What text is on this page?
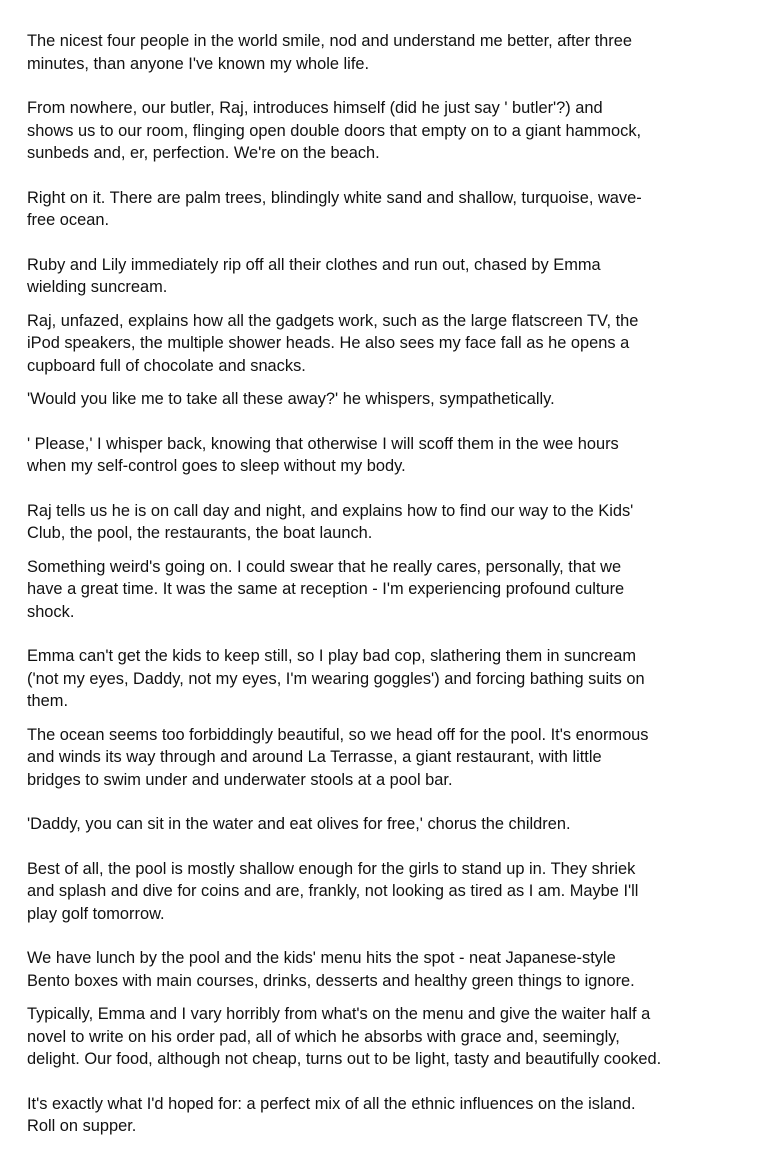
The nicest four people in the world smile, nod and understand me better, after three
minutes, than anyone I've known my whole life.

From nowhere, our butler, Raj, introduces himself (did he just say ' butler'?) and
shows us to our room, flinging open double doors that empty on to a giant hammock,
sunbeds and, er, perfection. We're on the beach.

Right on it. There are palm trees, blindingly white sand and shallow, turquoise, wave-
free ocean.

Ruby and Lily immediately rip off all their clothes and run out, chased by Emma
wielding suncream.

Raj, unfazed, explains how all the gadgets work, such as the large flatscreen TV, the
iPod speakers, the multiple shower heads. He also sees my face fall as he opens a
cupboard full of chocolate and snacks.

'Would you like me to take all these away?' he whispers, sympathetically.

' Please,' I whisper back, knowing that otherwise I will scoff them in the wee hours
when my self-control goes to sleep without my body.

Raj tells us he is on call day and night, and explains how to find our way to the Kids'
Club, the pool, the restaurants, the boat launch.

Something weird's going on. I could swear that he really cares, personally, that we
have a great time. It was the same at reception - I'm experiencing profound culture
shock.

Emma can't get the kids to keep still, so I play bad cop, slathering them in suncream
('not my eyes, Daddy, not my eyes, I'm wearing goggles') and forcing bathing suits on
them.

The ocean seems too forbiddingly beautiful, so we head off for the pool. It's enormous
and winds its way through and around La Terrasse, a giant restaurant, with little
bridges to swim under and underwater stools at a pool bar.

'Daddy, you can sit in the water and eat olives for free,' chorus the children.

Best of all, the pool is mostly shallow enough for the girls to stand up in. They shriek
and splash and dive for coins and are, frankly, not looking as tired as I am. Maybe I'll
play golf tomorrow.

We have lunch by the pool and the kids' menu hits the spot - neat Japanese-style
Bento boxes with main courses, drinks, desserts and healthy green things to ignore.

Typically, Emma and I vary horribly from what's on the menu and give the waiter half a
novel to write on his order pad, all of which he absorbs with grace and, seemingly,
delight. Our food, although not cheap, turns out to be light, tasty and beautifully cooked.

It's exactly what I'd hoped for: a perfect mix of all the ethnic influences on the island.
Roll on supper.
